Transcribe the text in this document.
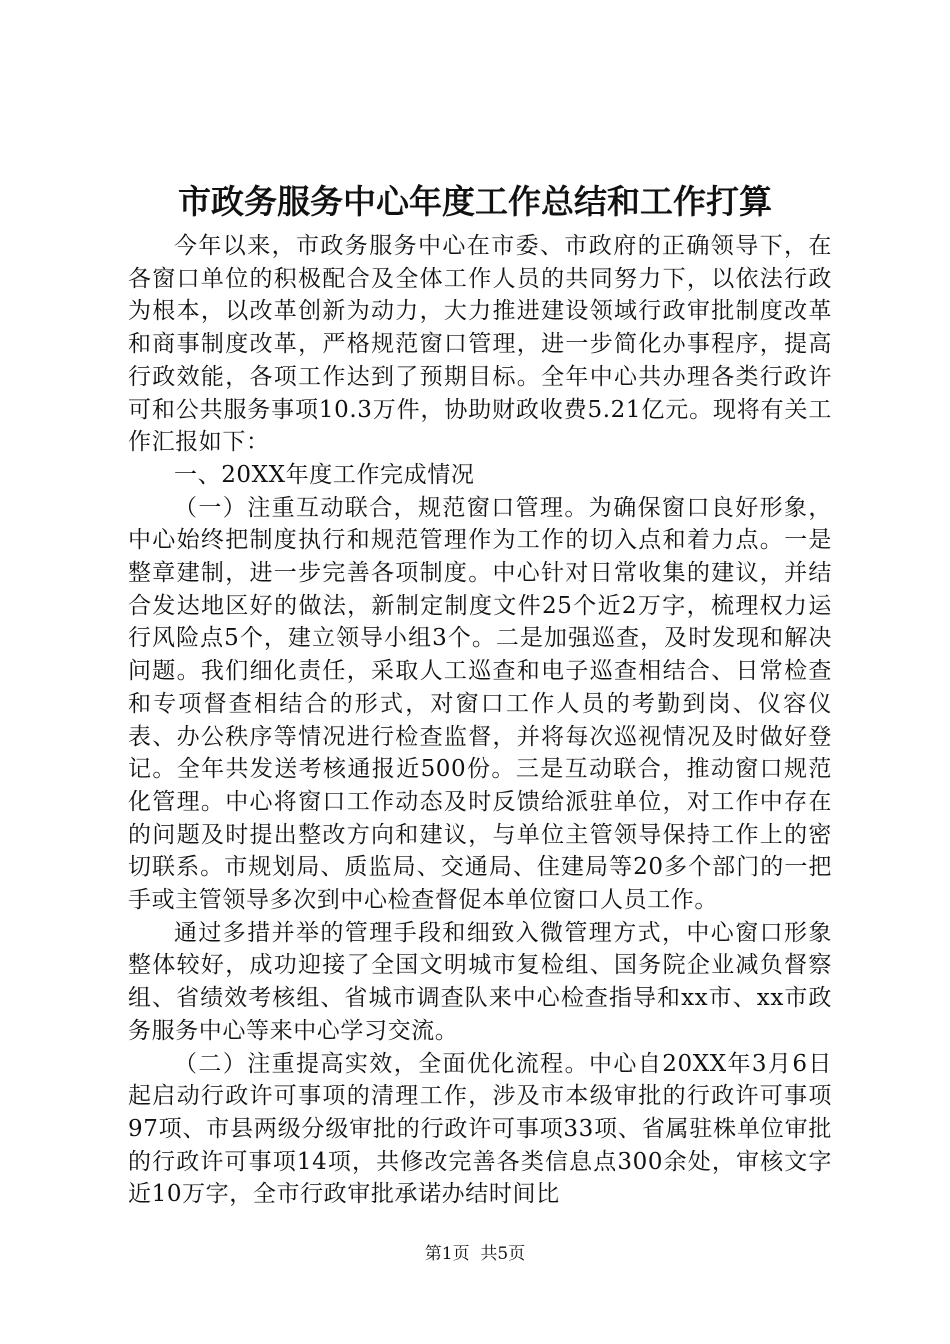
市政务服务中心年度工作总结和工作打算

今年以来，市政务服务中心在市委、市政府的正确领导下，在各窗口单位的积极配合及全体工作人员的共同努力下，以依法行政为根本，以改革创新为动力，大力推进建设领域行政审批制度改革和商事制度改革，严格规范窗口管理，进一步简化办事程序，提高行政效能，各项工作达到了预期目标。全年中心共办理各类行政许可和公共服务事项10.3万件，协助财政收费5.21亿元。现将有关工作汇报如下：

一、20XX年度工作完成情况

（一）注重互动联合，规范窗口管理。为确保窗口良好形象，中心始终把制度执行和规范管理作为工作的切入点和着力点。一是整章建制，进一步完善各项制度。中心针对日常收集的建议，并结合发达地区好的做法，新制定制度文件25个近2万字，梳理权力运行风险点5个，建立领导小组3个。二是加强巡查，及时发现和解决问题。我们细化责任，采取人工巡查和电子巡查相结合、日常检查和专项督查相结合的形式，对窗口工作人员的考勤到岗、仪容仪表、办公秩序等情况进行检查监督，并将每次巡视情况及时做好登记。全年共发送考核通报近500份。三是互动联合，推动窗口规范化管理。中心将窗口工作动态及时反馈给派驻单位，对工作中存在的问题及时提出整改方向和建议，与单位主管领导保持工作上的密切联系。市规划局、质监局、交通局、住建局等20多个部门的一把手或主管领导多次到中心检查督促本单位窗口人员工作。

通过多措并举的管理手段和细致入微管理方式，中心窗口形象整体较好，成功迎接了全国文明城市复检组、国务院企业减负督察组、省绩效考核组、省城市调查队来中心检查指导和xx市、xx市政务服务中心等来中心学习交流。

（二）注重提高实效，全面优化流程。中心自20XX年3月6日起启动行政许可事项的清理工作，涉及市本级审批的行政许可事项97项、市县两级分级审批的行政许可事项33项、省属驻株单位审批的行政许可事项14项，共修改完善各类信息点300余处，审核文字近10万字，全市行政审批承诺办结时间比

第1页  共5页
